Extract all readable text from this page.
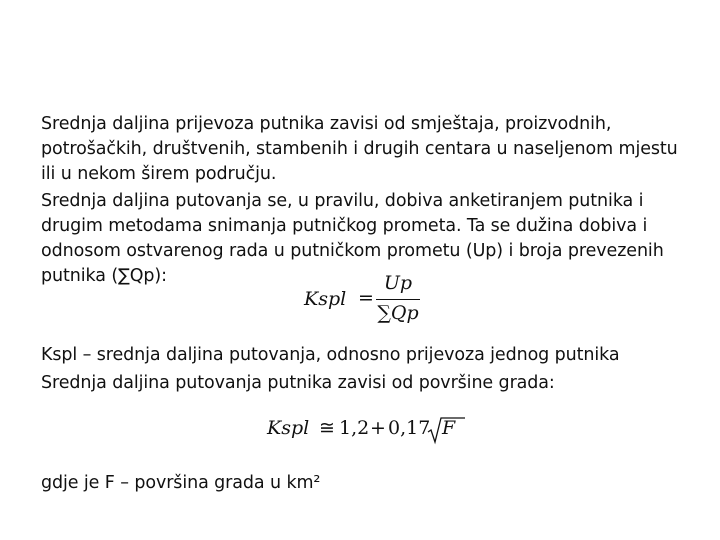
Srednja daljina prijevoza putnika zavisi od smještaja, proizvodnih, potrošačkih, društvenih, stambenih i drugih centara u naseljenom mjestu ili u nekom širem području.
Srednja daljina putovanja se, u pravilu, dobiva anketiranjem putnika i drugim metodama snimanja putničkog prometa. Ta se dužina dobiva i odnosom ostvarenog rada u putničkom prometu (Up) i broja prevezenih putnika (∑Qp):
Kspl =
Up
∑Qp
Kspl – srednja daljina putovanja, odnosno prijevoza jednog putnika
Srednja daljina putovanja putnika zavisi od površine grada:
Kspl ≅ 1,2 + 0,17 F
gdje je F – površina grada u km²
